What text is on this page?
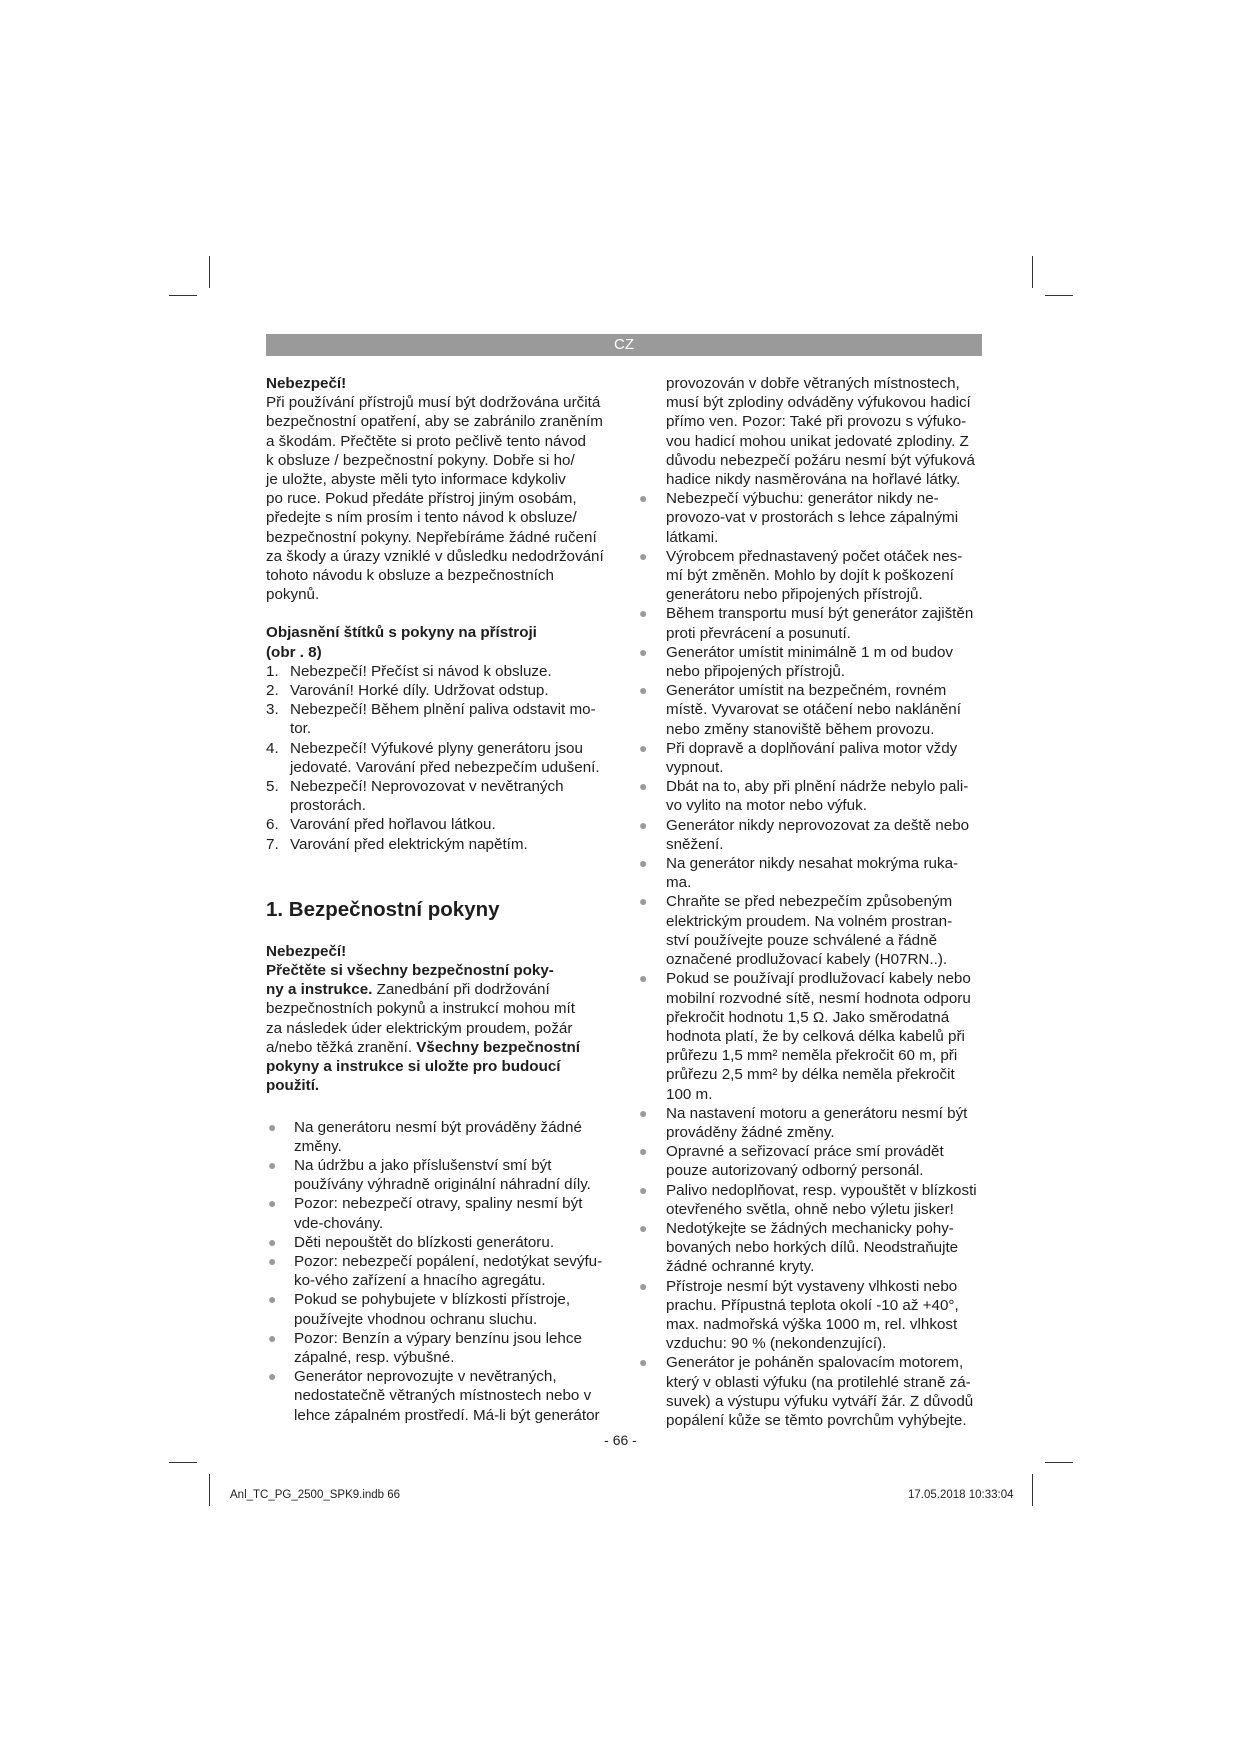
CZ

Nebezpečí!

Při používání přístrojů musí být dodržována určitá
bezpečnostní opatření, aby se zabránilo zraněním
a škodám. Přečtěte si proto pečlivě tento návod
k obsluze / bezpečnostní pokyny. Dobře si ho/
je uložte, abyste měli tyto informace kdykoliv
po ruce. Pokud předáte přístroj jiným osobám,
předejte s ním prosím i tento návod k obsluze/
bezpečnostní pokyny. Nepřebíráme žádné ručení
za škody a úrazy vzniklé v důsledku nedodržování
tohoto návodu k obsluze a bezpečnostních
pokynů.

Objasnění štítků s pokyny na přístroji
(obr . 8)

1. Nebezpečí! Přečíst si návod k obsluze.
2. Varování! Horké díly. Udržovat odstup.
3. Nebezpečí! Během plnění paliva odstavit mo-
tor.
4. Nebezpečí! Výfukové plyny generátoru jsou
jedovaté. Varování před nebezpečím udušení.
5. Nebezpečí! Neprovozovat v nevětraných
prostorách.
6. Varování před hořlavou látkou.
7. Varování před elektrickým napětím.
1. Bezpečnostní pokyny

Nebezpečí!

Přečtěte si všechny bezpečnostní poky-
ny a instrukce. Zanedbání při dodržování
bezpečnostních pokynů a instrukcí mohou mít
za následek úder elektrickým proudem, požár
a/nebo těžká zranění. Všechny bezpečnostní
pokyny a instrukce si uložte pro budoucí
použití.

● Na generátoru nesmí být prováděny žádné
změny.
● Na údržbu a jako příslušenství smí být
používány výhradně originální náhradní díly.
● Pozor: nebezpečí otravy, spaliny nesmí být
vde-chovány.
● Děti nepouštět do blízkosti generátoru.
● Pozor: nebezpečí popálení, nedotýkat sevýfu-
ko-vého zařízení a hnacího agregátu.
● Pokud se pohybujete v blízkosti přístroje,
používejte vhodnou ochranu sluchu.
● Pozor: Benzín a výpary benzínu jsou lehce
zápalné, resp. výbušné.
● Generátor neprovozujte v nevětraných,
nedostatečně větraných místnostech nebo v
lehce zápalném prostředí. Má-li být generátor

provozován v dobře větraných místnostech,
musí být zplodiny odváděny výfukovou hadicí
přímo ven. Pozor: Také při provozu s výfuko-
vou hadicí mohou unikat jedovaté zplodiny. Z
důvodu nebezpečí požáru nesmí být výfuková
hadice nikdy nasměrována na hořlavé látky.

● Nebezpečí výbuchu: generátor nikdy ne-
provozo-vat v prostorách s lehce zápalnými
látkami.
● Výrobcem přednastavený počet otáček nes-
mí být změněn. Mohlo by dojít k poškození
generátoru nebo připojených přístrojů.
● Během transportu musí být generátor zajištěn
proti převrácení a posunutí.
● Generátor umístit minimálně 1 m od budov
nebo připojených přístrojů.
● Generátor umístit na bezpečném, rovném
místě. Vyvarovat se otáčení nebo naklánění
nebo změny stanoviště během provozu.
● Při dopravě a doplňování paliva motor vždy
vypnout.
● Dbát na to, aby při plnění nádrže nebylo pali-
vo vylito na motor nebo výfuk.
● Generátor nikdy neprovozovat za deště nebo
sněžení.
● Na generátor nikdy nesahat mokrýma ruka-
ma.
● Chraňte se před nebezpečím způsobeným
elektrickým proudem. Na volném prostran-
ství používejte pouze schválené a řádně
označené prodlužovací kabely (H07RN..).
● Pokud se používají prodlužovací kabely nebo
mobilní rozvodné sítě, nesmí hodnota odporu
překročit hodnotu 1,5 Ω. Jako směrodatná
hodnota platí, že by celková délka kabelů při
průřezu 1,5 mm² neměla překročit 60 m, při
průřezu 2,5 mm² by délka neměla překročit
100 m.
● Na nastavení motoru a generátoru nesmí být
prováděny žádné změny.
● Opravné a seřizovací práce smí provádět
pouze autorizovaný odborný personál.
● Palivo nedoplňovat, resp. vypouštět v blízkosti
otevřeného světla, ohně nebo výletu jisker!
● Nedotýkejte se žádných mechanicky pohy-
bovaných nebo horkých dílů. Neodstraňujte
žádné ochranné kryty.
● Přístroje nesmí být vystaveny vlhkosti nebo
prachu. Přípustná teplota okolí -10 až +40°,
max. nadmořská výška 1000 m, rel. vlhkost
vzduchu: 90 % (nekondenzující).
● Generátor je poháněn spalovacím motorem,
který v oblasti výfuku (na protilehlé straně zá-
suvek) a výstupu výfuku vytváří žár. Z důvodů
popálení kůže se těmto povrchům vyhýbejte.
- 66 -
Anl_TC_PG_2500_SPK9.indb 66	17.05.2018 10:33:04
